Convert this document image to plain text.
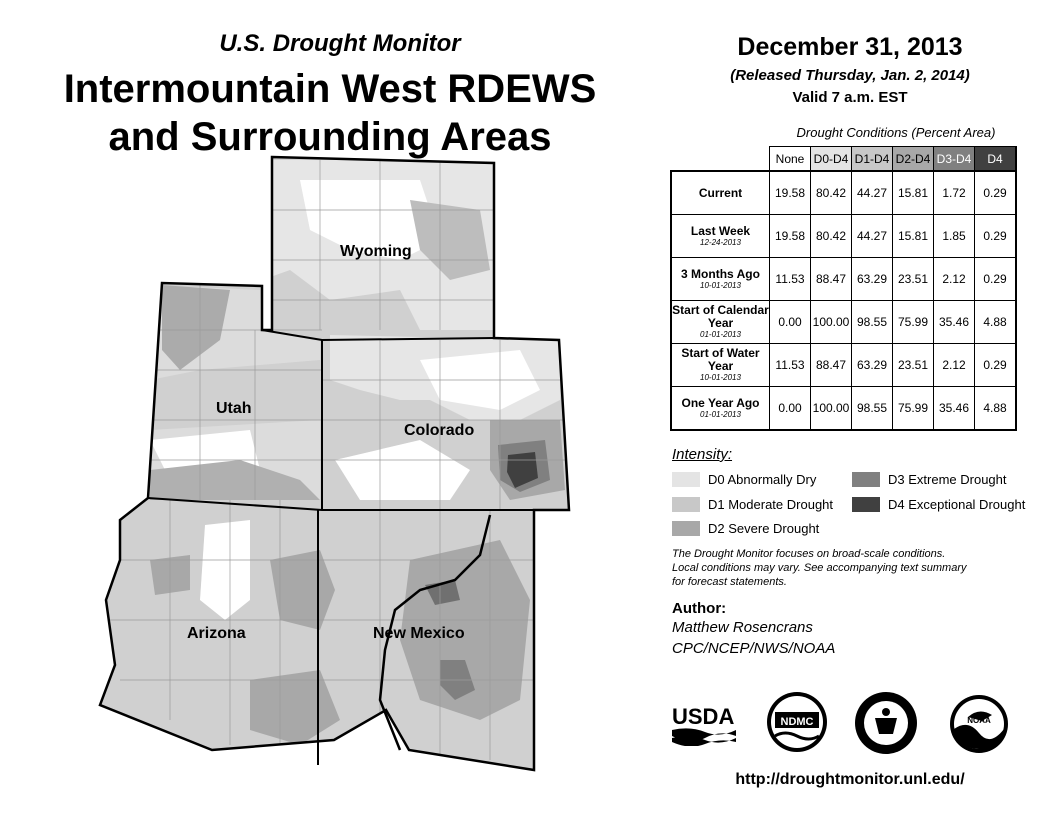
U.S. Drought Monitor
Intermountain West RDEWS
and Surrounding Areas
December 31, 2013
(Released Thursday, Jan. 2, 2014)
Valid 7 a.m. EST
Wyoming
Utah
Colorado
Arizona	New Mexico
Drought Conditions (Percent Area)
	None	D0-D4	D1-D4	D2-D4	D3-D4	D4
Current	19.58	80.42	44.27	15.81	1.72	0.29
Last Week
12-24-2013	19.58	80.42	44.27	15.81	1.85	0.29
3 Months Ago
10-01-2013	11.53	88.47	63.29	23.51	2.12	0.29
Start of Calendar Year
01-01-2013	0.00	100.00	98.55	75.99	35.46	4.88
Start of Water Year
10-01-2013	11.53	88.47	63.29	23.51	2.12	0.29
One Year Ago
01-01-2013	0.00	100.00	98.55	75.99	35.46	4.88
Intensity:
D0 Abnormally Dry
D1 Moderate Drought
D2 Severe Drought
D3 Extreme Drought
D4 Exceptional Drought
The Drought Monitor focuses on broad-scale conditions.
Local conditions may vary. See accompanying text summary
for forecast statements.
Author:
Matthew Rosencrans
CPC/NCEP/NWS/NOAA
USDA	NDMC	NOAA
http://droughtmonitor.unl.edu/
